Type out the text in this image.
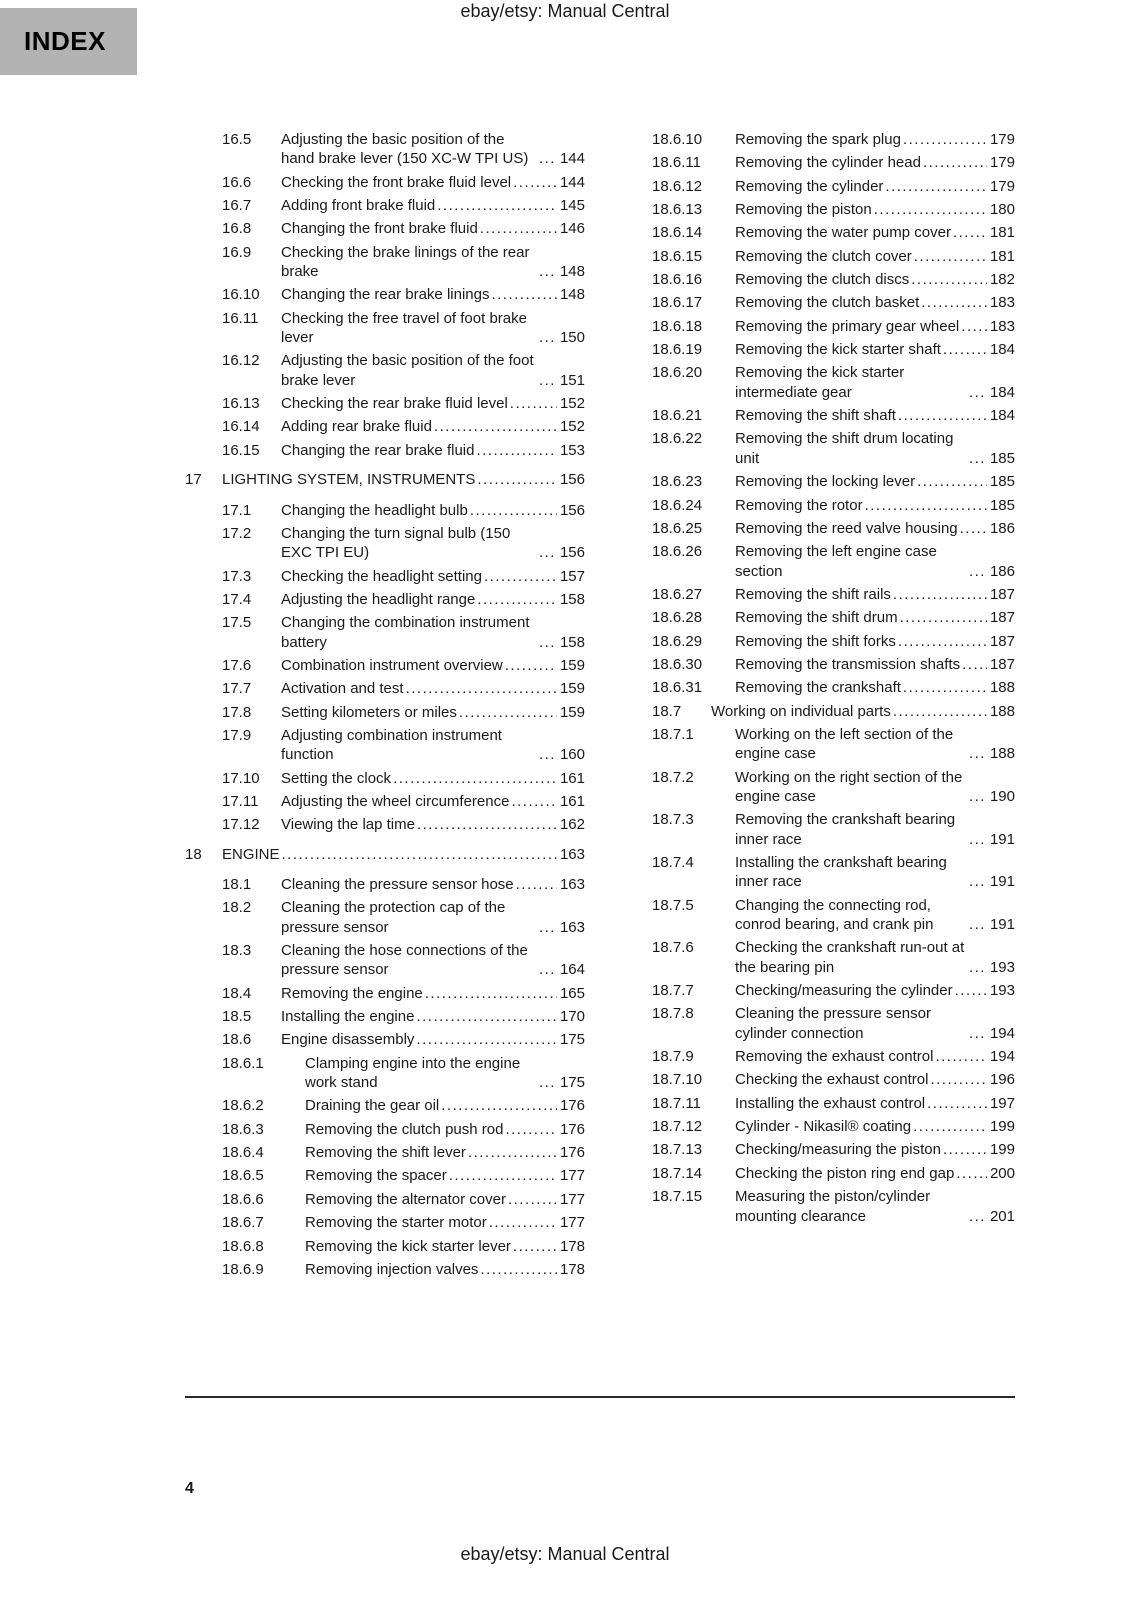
ebay/etsy: Manual Central
INDEX
16.5	Adjusting the basic position of the hand brake lever (150 XC-W TPI US) .....	144
16.6	Checking the front brake fluid level .....	144
16.7	Adding front brake fluid .....	145
16.8	Changing the front brake fluid .....	146
16.9	Checking the brake linings of the rear brake .....	148
16.10	Changing the rear brake linings .....	148
16.11	Checking the free travel of foot brake lever .....	150
16.12	Adjusting the basic position of the foot brake lever .....	151
16.13	Checking the rear brake fluid level .....	152
16.14	Adding rear brake fluid .....	152
16.15	Changing the rear brake fluid .....	153
17	LIGHTING SYSTEM, INSTRUMENTS .....	156
17.1	Changing the headlight bulb .....	156
17.2	Changing the turn signal bulb (150 EXC TPI EU) .....	156
17.3	Checking the headlight setting .....	157
17.4	Adjusting the headlight range .....	158
17.5	Changing the combination instrument battery .....	158
17.6	Combination instrument overview .....	159
17.7	Activation and test .....	159
17.8	Setting kilometers or miles .....	159
17.9	Adjusting combination instrument function .....	160
17.10	Setting the clock .....	161
17.11	Adjusting the wheel circumference .....	161
17.12	Viewing the lap time .....	162
18	ENGINE .....	163
18.1	Cleaning the pressure sensor hose .....	163
18.2	Cleaning the protection cap of the pressure sensor .....	163
18.3	Cleaning the hose connections of the pressure sensor .....	164
18.4	Removing the engine .....	165
18.5	Installing the engine .....	170
18.6	Engine disassembly .....	175
18.6.1	Clamping engine into the engine work stand .....	175
18.6.2	Draining the gear oil .....	176
18.6.3	Removing the clutch push rod .....	176
18.6.4	Removing the shift lever .....	176
18.6.5	Removing the spacer .....	177
18.6.6	Removing the alternator cover .....	177
18.6.7	Removing the starter motor .....	177
18.6.8	Removing the kick starter lever .....	178
18.6.9	Removing injection valves .....	178
18.6.10	Removing the spark plug .....	179
18.6.11	Removing the cylinder head .....	179
18.6.12	Removing the cylinder .....	179
18.6.13	Removing the piston .....	180
18.6.14	Removing the water pump cover .....	181
18.6.15	Removing the clutch cover .....	181
18.6.16	Removing the clutch discs .....	182
18.6.17	Removing the clutch basket .....	183
18.6.18	Removing the primary gear wheel ..... 183
18.6.19	Removing the kick starter shaft .....	184
18.6.20	Removing the kick starter intermediate gear .....	184
18.6.21	Removing the shift shaft .....	184
18.6.22	Removing the shift drum locating unit .....	185
18.6.23	Removing the locking lever .....	185
18.6.24	Removing the rotor .....	185
18.6.25	Removing the reed valve housing ..... 186
18.6.26	Removing the left engine case section .....	186
18.6.27	Removing the shift rails .....	187
18.6.28	Removing the shift drum .....	187
18.6.29	Removing the shift forks .....	187
18.6.30	Removing the transmission shafts ..... 187
18.6.31	Removing the crankshaft .....	188
18.7	Working on individual parts .....	188
18.7.1	Working on the left section of the engine case .....	188
18.7.2	Working on the right section of the engine case .....	190
18.7.3	Removing the crankshaft bearing inner race .....	191
18.7.4	Installing the crankshaft bearing inner race .....	191
18.7.5	Changing the connecting rod, conrod bearing, and crank pin .....	191
18.7.6	Checking the crankshaft run-out at the bearing pin .....	193
18.7.7	Checking/measuring the cylinder ..... 193
18.7.8	Cleaning the pressure sensor cylinder connection .....	194
18.7.9	Removing the exhaust control .....	194
18.7.10	Checking the exhaust control .....	196
18.7.11	Installing the exhaust control .....	197
18.7.12	Cylinder - Nikasil® coating .....	199
18.7.13	Checking/measuring the piston .....	199
18.7.14	Checking the piston ring end gap ..... 200
18.7.15	Measuring the piston/cylinder mounting clearance .....	201
4
ebay/etsy: Manual Central
